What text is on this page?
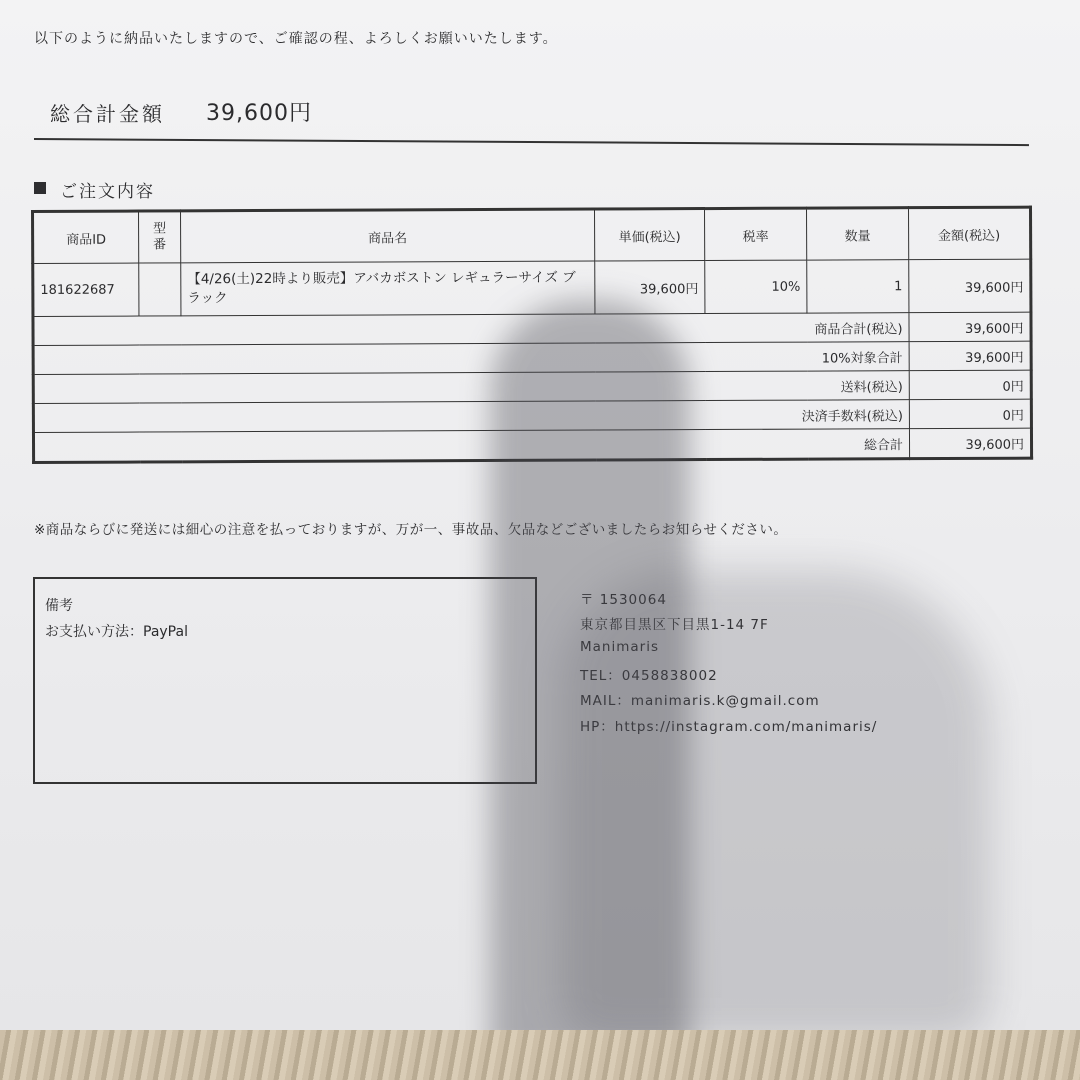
以下のように納品いたしますので、ご確認の程、よろしくお願いいたします。
総合計金額 39,600円
ご注文内容
商品ID	型番	商品名	単価(税込)	税率	数量	金額(税込)
181622687		【4/26(土)22時より販売】アバカボストン レギュラーサイズ ブラック	39,600円	10%	1	39,600円
商品合計(税込)						39,600円
10%対象合計						39,600円
送料(税込)						0円
決済手数料(税込)						0円
総合計						39,600円
※商品ならびに発送には細心の注意を払っておりますが、万が一、事故品、欠品などございましたらお知らせください。
備考
お支払い方法：PayPal
〒 1530064
東京都目黒区下目黒1-14 7F
Manimaris
TEL：0458838002
MAIL：manimaris.k@gmail.com
HP：https://instagram.com/manimaris/
